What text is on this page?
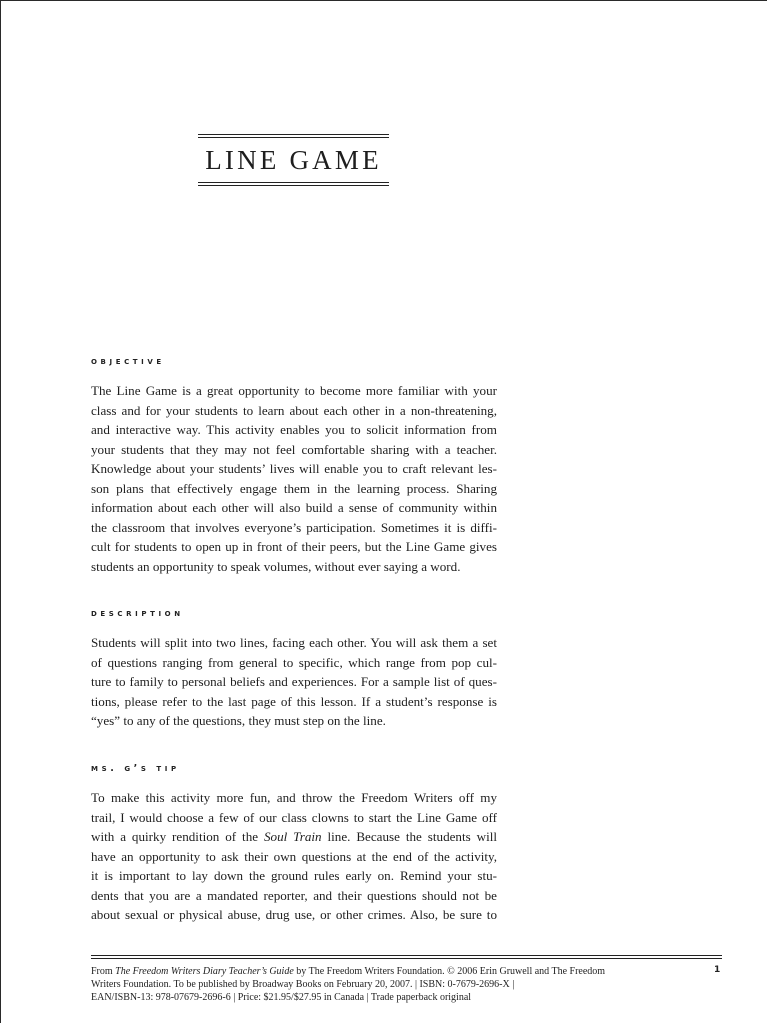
LINE GAME
objective
The Line Game is a great opportunity to become more familiar with your
class and for your students to learn about each other in a non-threatening,
and interactive way. This activity enables you to solicit information from
your students that they may not feel comfortable sharing with a teacher.
Knowledge about your students’ lives will enable you to craft relevant les-
son plans that effectively engage them in the learning process. Sharing
information about each other will also build a sense of community within
the classroom that involves everyone’s participation. Sometimes it is diffi-
cult for students to open up in front of their peers, but the Line Game gives
students an opportunity to speak volumes, without ever saying a word.
description
Students will split into two lines, facing each other. You will ask them a set
of questions ranging from general to specific, which range from pop cul-
ture to family to personal beliefs and experiences. For a sample list of ques-
tions, please refer to the last page of this lesson. If a student’s response is
“yes” to any of the questions, they must step on the line.
ms. g’s tip
To make this activity more fun, and throw the Freedom Writers off my
trail, I would choose a few of our class clowns to start the Line Game off
with a quirky rendition of the Soul Train line. Because the students will
have an opportunity to ask their own questions at the end of the activity,
it is important to lay down the ground rules early on. Remind your stu-
dents that you are a mandated reporter, and their questions should not be
about sexual or physical abuse, drug use, or other crimes. Also, be sure to
From The Freedom Writers Diary Teacher’s Guide by The Freedom Writers Foundation. © 2006 Erin Gruwell and The Freedom
Writers Foundation. To be published by Broadway Books on February 20, 2007. | ISBN: 0-7679-2696-X |
EAN/ISBN-13: 978-07679-2696-6 | Price: $21.95/$27.95 in Canada | Trade paperback original
1
